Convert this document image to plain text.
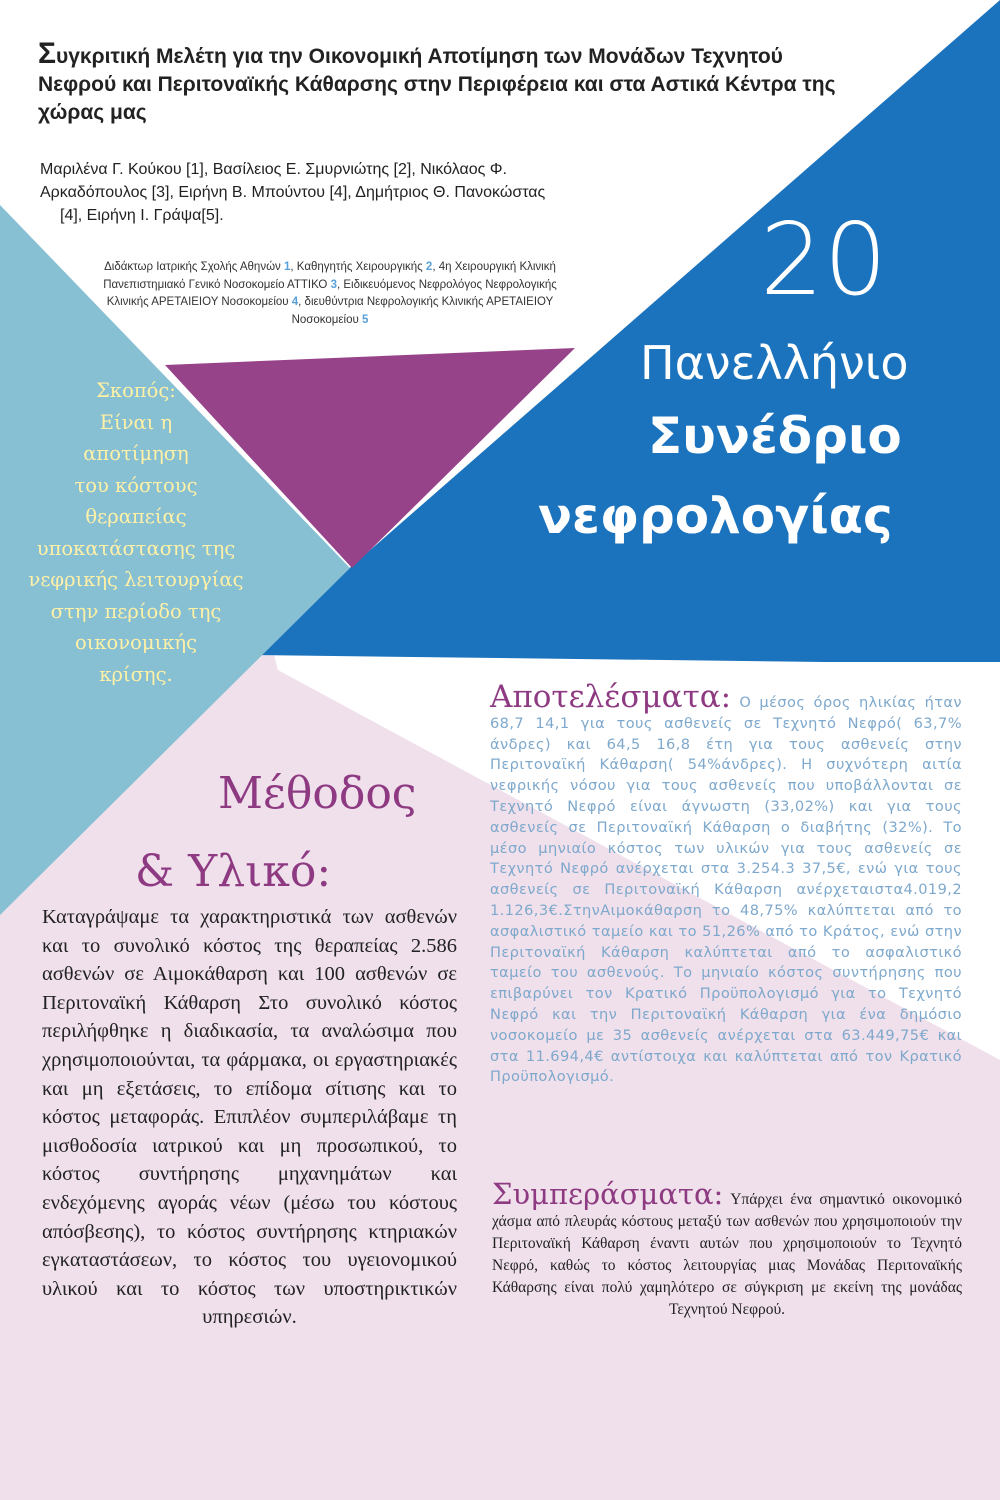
Συγκριτική Μελέτη για την Οικονομική Αποτίμηση των Μονάδων Τεχνητού Νεφρού και Περιτοναϊκής Κάθαρσης στην Περιφέρεια και στα Αστικά Κέντρα της χώρας μας
Μαριλένα Γ. Κούκου [1], Βασίλειος Ε. Σμυρνιώτης [2], Νικόλαος Φ.
Αρκαδόπουλος [3], Ειρήνη Β. Μπούντου [4], Δημήτριος Θ. Πανοκώστας
[4], Ειρήνη Ι. Γράψα[5].
Διδάκτωρ Ιατρικής Σχολής Αθηνών 1, Καθηγητής Χειρουργικής 2, 4η Χειρουργική Κλινική Πανεπιστημιακό Γενικό Νοσοκομείο ΑΤΤΙΚΟ 3, Ειδικευόμενος Νεφρολόγος Νεφρολογικής Κλινικής ΑΡΕΤΑΙΕΙΟΥ Νοσοκομείου 4, διευθύντρια Νεφρολογικής Κλινικής ΑΡΕΤΑΙΕΙΟΥ Νοσοκομείου 5
20
Πανελλήνιο
Συνέδριο
νεφρολογίας
Σκοπός:
Είναι η
αποτίμηση
του κόστους
θεραπείας
υποκατάστασης της
νεφρικής λειτουργίας
στην περίοδο της
οικονομικής
κρίσης.
Μέθοδος
& Υλικό:
Καταγράψαμε τα χαρακτηριστικά των ασθενών και το συνολικό κόστος της θεραπείας 2.586 ασθενών σε Αιμοκάθαρση και 100 ασθενών σε Περιτοναϊκή Κάθαρση Στο συνολικό κόστος περιλήφθηκε η διαδικασία, τα αναλώσιμα που χρησιμοποιούνται, τα φάρμακα, οι εργαστηριακές και μη εξετάσεις, το επίδομα σίτισης και το κόστος μεταφοράς. Επιπλέον συμπεριλάβαμε τη μισθοδοσία ιατρικού και μη προσωπικού, το κόστος συντήρησης μηχανημάτων και ενδεχόμενης αγοράς νέων (μέσω του κόστους απόσβεσης), το κόστος συντήρησης κτηριακών εγκαταστάσεων, το κόστος του υγειονομικού υλικού και το κόστος των υποστηρικτικών υπηρεσιών.
Αποτελέσματα: Ο μέσος όρος ηλικίας ήταν 68,7 14,1 για τους ασθενείς σε Τεχνητό Νεφρό( 63,7% άνδρες) και 64,5 16,8 έτη για τους ασθενείς στην Περιτοναϊκή Κάθαρση( 54%άνδρες). Η συχνότερη αιτία νεφρικής νόσου για τους ασθενείς που υποβάλλονται σε Τεχνητό Νεφρό είναι άγνωστη (33,02%) και για τους ασθενείς σε Περιτοναϊκή Κάθαρση ο διαβήτης (32%). Το μέσο μηνιαίο κόστος των υλικών για τους ασθενείς σε Τεχνητό Νεφρό ανέρχεται στα 3.254.3 37,5€, ενώ για τους ασθενείς σε Περιτοναϊκή Κάθαρση ανέρχεταιστα4.019,2 1.126,3€.ΣτηνΑιμοκάθαρση το 48,75% καλύπτεται από το ασφαλιστικό ταμείο και το 51,26% από το Κράτος, ενώ στην Περιτοναϊκή Κάθαρση καλύπτεται από το ασφαλιστικό ταμείο του ασθενούς. Το μηνιαίο κόστος συντήρησης που επιβαρύνει τον Κρατικό Προϋπολογισμό για το Τεχνητό Νεφρό και την Περιτοναϊκή Κάθαρση για ένα δημόσιο νοσοκομείο με 35 ασθενείς ανέρχεται στα 63.449,75€ και στα 11.694,4€ αντίστοιχα και καλύπτεται από τον Κρατικό Προϋπολογισμό.
Συμπεράσματα: Υπάρχει ένα σημαντικό οικονομικό χάσμα από πλευράς κόστους μεταξύ των ασθενών που χρησιμοποιούν την Περιτοναϊκή Κάθαρση έναντι αυτών που χρησιμοποιούν το Τεχνητό Νεφρό, καθώς το κόστος λειτουργίας μιας Μονάδας Περιτοναϊκής Κάθαρσης είναι πολύ χαμηλότερο σε σύγκριση με εκείνη της μονάδας Τεχνητού Νεφρού.
